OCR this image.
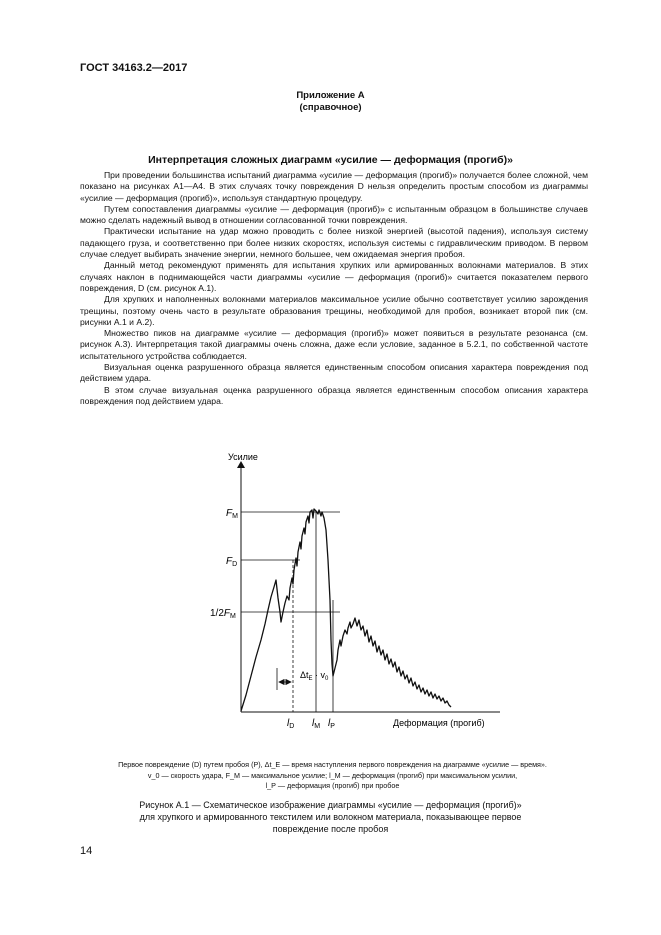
ГОСТ 34163.2—2017
Приложение А
(справочное)
Интерпретация сложных диаграмм «усилие — деформация (прогиб)»

При проведении большинства испытаний диаграмма «усилие — деформация (прогиб)» получается более сложной, чем показано на рисунках А1—А4. В этих случаях точку повреждения D нельзя определить простым способом из диаграммы «усилие — деформация (прогиб)», используя стандартную процедуру.

Путем сопоставления диаграммы «усилие — деформация (прогиб)» с испытанным образцом в большинстве случаев можно сделать надежный вывод в отношении согласованной точки повреждения.

Практически испытание на удар можно проводить с более низкой энергией (высотой падения), используя систему падающего груза, и соответственно при более низких скоростях, используя системы с гидравлическим приводом. В первом случае следует выбирать значение энергии, немного большее, чем ожидаемая энергия пробоя.

Данный метод рекомендуют применять для испытания хрупких или армированных волокнами материалов. В этих случаях наклон в поднимающейся части диаграммы «усилие — деформация (прогиб)» считается показателем первого повреждения, D (см. рисунок А.1).

Для хрупких и наполненных волокнами материалов максимальное усилие обычно соответствует усилию зарождения трещины, поэтому очень часто в результате образования трещины, необходимой для пробоя, возникает второй пик (см. рисунки А.1 и А.2).

Множество пиков на диаграмме «усилие — деформация (прогиб)» может появиться в результате резонанса (см. рисунок А.3). Интерпретация такой диаграммы очень сложна, даже если условие, заданное в 5.2.1, по собственной частоте испытательного устройства соблюдается.

Визуальная оценка разрушенного образца является единственным способом описания характера повреждения под действием удара.

В этом случае визуальная оценка разрушенного образца является единственным способом описания характера повреждения под действием удара.

Усилие
Деформация (прогиб)
$\Delta t_E \cdot v_0$
$F_M$
$F_D$
$1/2F_M$
$l_D$ $l_M$ $l_P$
Первое повреждение (D) путем пробоя (P), Δt_E — время наступления первого повреждения на диаграмме «усилие — время».
v_0 — скорость удара, F_M — максимальное усилие; l_M — деформация (прогиб) при максимальном усилии,
l_P — деформация (прогиб) при пробое
Рисунок А.1 — Схематическое изображение диаграммы «усилие — деформация (прогиб)»
для хрупкого и армированного текстилем или волокном материала, показывающее первое
повреждение после пробоя
14
